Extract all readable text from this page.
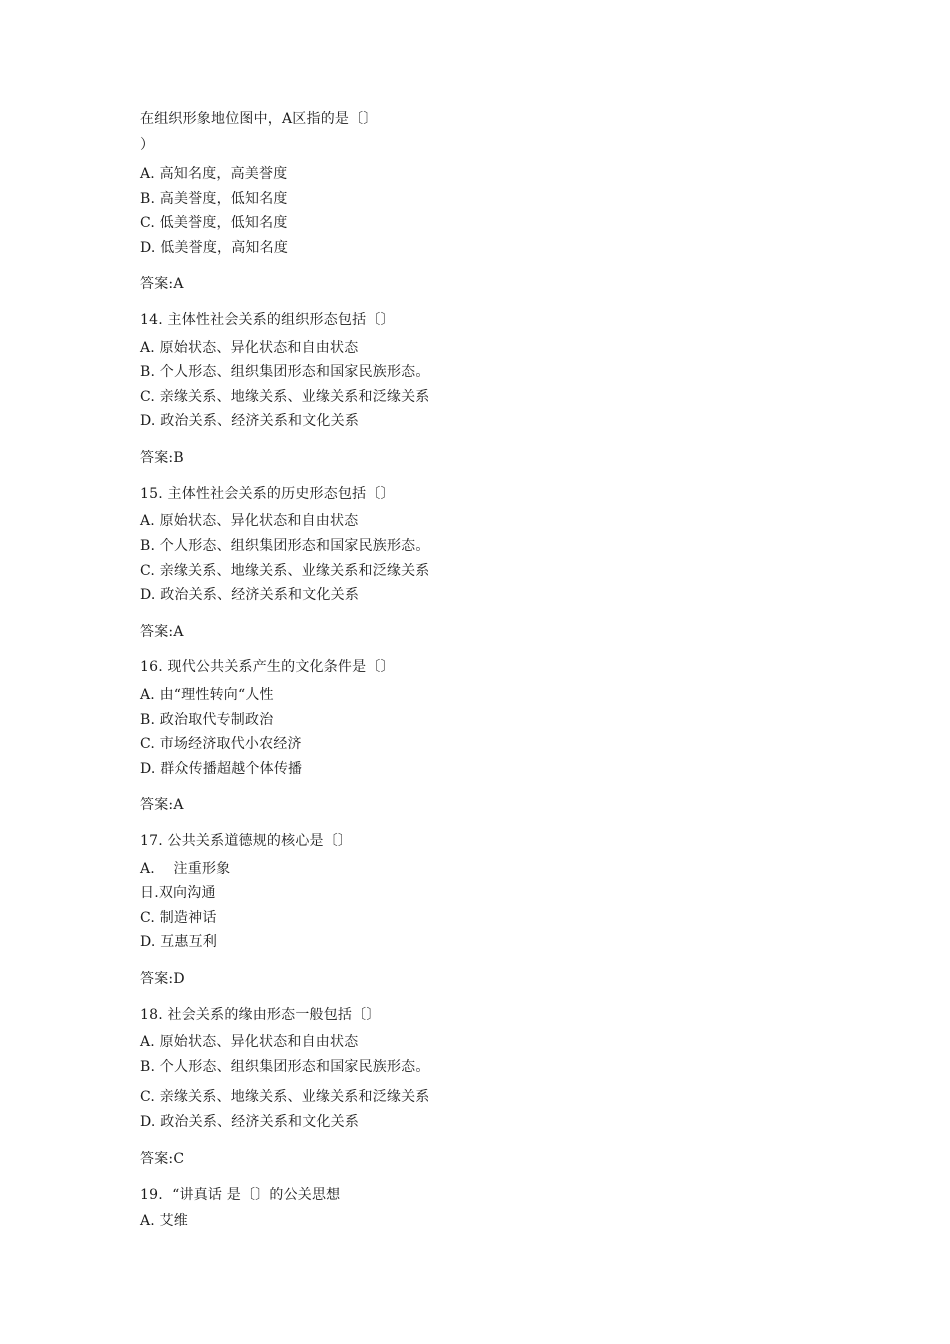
在组织形象地位图中，A区指的是〔〕
）
A. 高知名度，高美誉度
B. 高美誉度，低知名度
C. 低美誉度，低知名度
D. 低美誉度，高知名度
答案:A
14. 主体性社会关系的组织形态包括〔〕
A. 原始状态、异化状态和自由状态
B. 个人形态、组织集团形态和国家民族形态。
C. 亲缘关系、地缘关系、业缘关系和泛缘关系
D. 政治关系、经济关系和文化关系
答案:B
15. 主体性社会关系的历史形态包括〔〕
A. 原始状态、异化状态和自由状态
B. 个人形态、组织集团形态和国家民族形态。
C. 亲缘关系、地缘关系、业缘关系和泛缘关系
D. 政治关系、经济关系和文化关系
答案:A
16. 现代公共关系产生的文化条件是〔〕
A. 由“理性转向“人性
B. 政治取代专制政治
C. 市场经济取代小农经济
D. 群众传播超越个体传播
答案:A
17. 公共关系道德规的核心是〔〕
A.    注重形象
日.双向沟通
C. 制造神话
D. 互惠互利
答案:D
18. 社会关系的缘由形态一般包括〔〕
A. 原始状态、异化状态和自由状态
B. 个人形态、组织集团形态和国家民族形态。
C. 亲缘关系、地缘关系、业缘关系和泛缘关系
D. 政治关系、经济关系和文化关系
答案:C
19.  “讲真话 是〔〕的公关思想
A. 艾维
